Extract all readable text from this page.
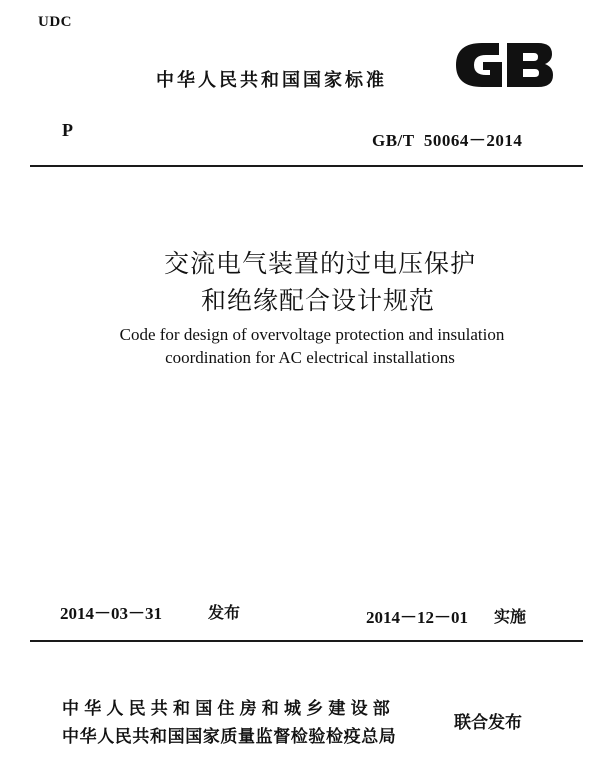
UDC
中华人民共和国国家标准
P
GB/T  50064－2014
交流电气装置的过电压保护
和绝缘配合设计规范
Code for design of overvoltage protection and insulation
coordination for AC electrical installations
2014－03－31	发布	2014－12－01 实施
中华人民共和国住房和城乡建设部
中华人民共和国国家质量监督检验检疫总局
联合发布
